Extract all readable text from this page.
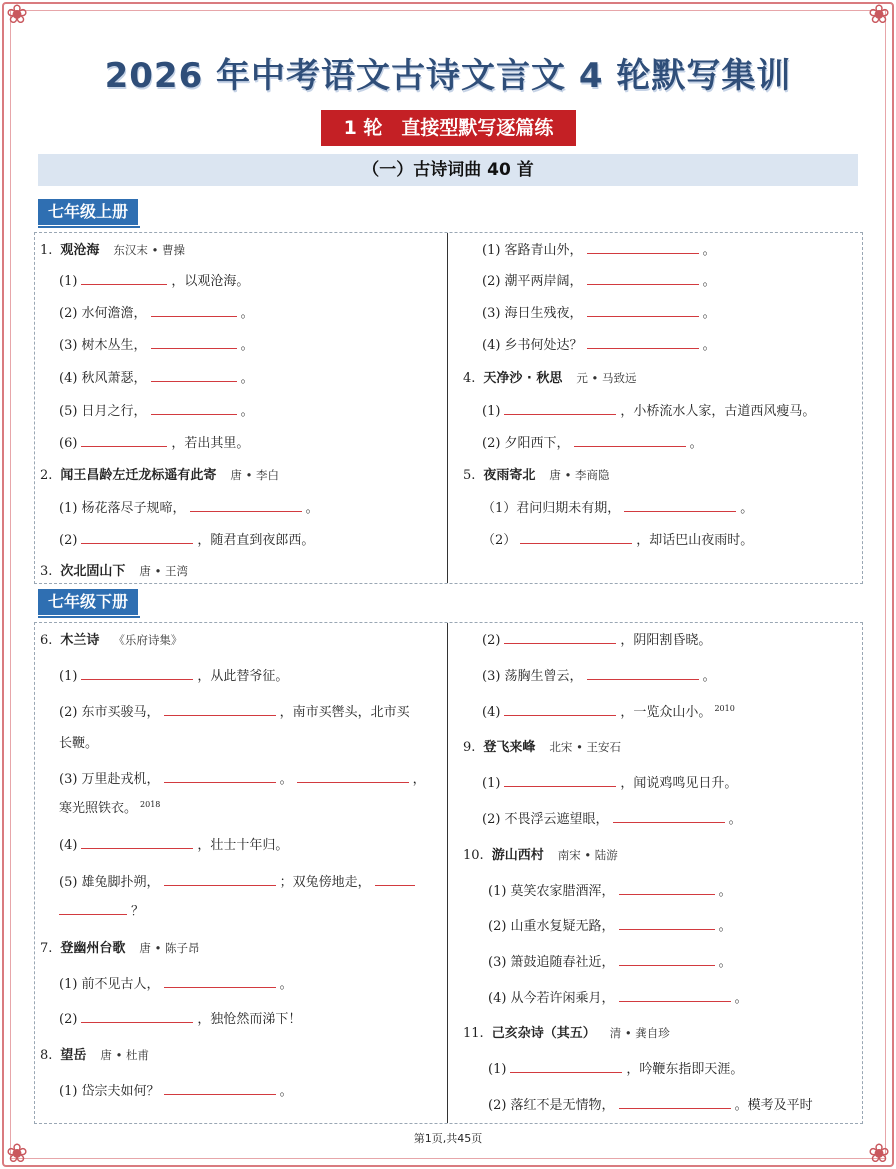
❀	❀
❀	❀
2026 年中考语文古诗文言文 4 轮默写集训
1 轮　直接型默写逐篇练
（一）古诗词曲 40 首
七年级上册
1. 观沧海 东汉末 • 曹操
(1)	，以观沧海。
(2) 水何澹澹，	。
(3) 树木丛生，	。
(4) 秋风萧瑟，	。
(5) 日月之行，	。
(6)	，若出其里。
2. 闻王昌龄左迁龙标遥有此寄 唐 • 李白
(1) 杨花落尽子规啼，	。
(2)	，随君直到夜郎西。
3. 次北固山下 唐 • 王湾
(1) 客路青山外，	。
(2) 潮平两岸阔，	。
(3) 海日生残夜，	。
(4) 乡书何处达？	。
4. 天净沙 · 秋思 元 • 马致远
(1)	，小桥流水人家，古道西风瘦马。
(2) 夕阳西下，	。
5. 夜雨寄北 唐 • 李商隐
（1）君问归期未有期，	。
（2）	，却话巴山夜雨时。
七年级下册
6. 木兰诗 《乐府诗集》
(1)	，从此替爷征。
(2) 东市买骏马，	，南市买辔头，北市买
长鞭。
(3) 万里赴戎机，	。	，
寒光照铁衣。 $^{2018}$
(4)	，壮士十年归。
(5) 雄兔脚扑朔，	；双兔傍地走，
？
7. 登幽州台歌 唐 • 陈子昂
(1) 前不见古人，	。
(2)	，独怆然而涕下！
8. 望岳 唐 • 杜甫
(1) 岱宗夫如何？	。
(2)	，阴阳割昏晓。
(3) 荡胸生曾云，	。
(4)	，一览众山小。 $^{2010}$
9. 登飞来峰 北宋 • 王安石
(1)	，闻说鸡鸣见日升。
(2) 不畏浮云遮望眼，	。
10. 游山西村 南宋 • 陆游
(1) 莫笑农家腊酒浑，	。
(2) 山重水复疑无路，	。
(3) 箫鼓追随春社近，	。
(4) 从今若许闲乘月，	。
11. 己亥杂诗（其五） 清 • 龚自珍
(1)	，吟鞭东指即天涯。
(2) 落红不是无情物，	。模考及平时
第1页,共45页
